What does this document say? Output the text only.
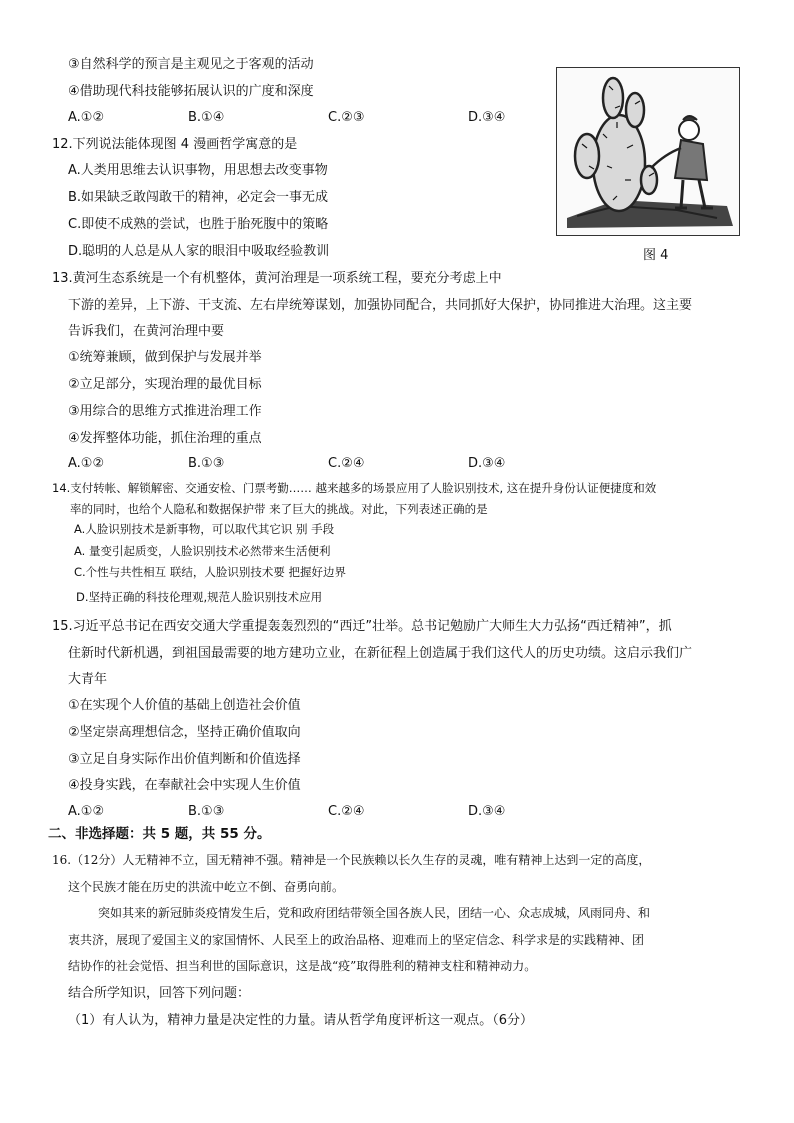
③自然科学的预言是主观见之于客观的活动
④借助现代科技能够拓展认识的广度和深度
A.①②	B.①④	C.②③	D.③④
12.下列说法能体现图 4 漫画哲学寓意的是
A.人类用思维去认识事物，用思想去改变事物
B.如果缺乏敢闯敢干的精神，必定会一事无成
C.即使不成熟的尝试，也胜于胎死腹中的策略
D.聪明的人总是从人家的眼泪中吸取经验教训	图 4
13.黄河生态系统是一个有机整体，黄河治理是一项系统工程，要充分考虑上中
下游的差异，上下游、干支流、左右岸统筹谋划，加强协同配合，共同抓好大保护，协同推进大治理。这主要
告诉我们，在黄河治理中要
①统筹兼顾，做到保护与发展并举
②立足部分，实现治理的最优目标
③用综合的思维方式推进治理工作
④发挥整体功能，抓住治理的重点
A.①②	B.①③	C.②④	D.③④
14.支付转帐、解锁解密、交通安检、门票考勤…… 越来越多的场景应用了人脸识别技术, 这在提升身份认证便捷度和效
率的同时，也给个人隐私和数据保护带 来了巨大的挑战。对此，下列表述正确的是
A.人脸识别技术是新事物，可以取代其它识 别 手段
A. 量变引起质变，人脸识别技术必然带来生活便利
C.个性与共性相互 联结，人脸识别技术要 把握好边界
D.坚持正确的科技伦理观,规范人脸识别技术应用
15.习近平总书记在西安交通大学重提轰轰烈烈的“西迁”壮举。总书记勉励广大师生大力弘扬“西迁精神”，抓
住新时代新机遇，到祖国最需要的地方建功立业，在新征程上创造属于我们这代人的历史功绩。这启示我们广
大青年
①在实现个人价值的基础上创造社会价值
②坚定崇高理想信念，坚持正确价值取向
③立足自身实际作出价值判断和价值选择
④投身实践，在奉献社会中实现人生价值
A.①②	B.①③	C.②④	D.③④
二、非选择题：共 5 题，共 55 分。
16.（12分）人无精神不立，国无精神不强。精神是一个民族赖以长久生存的灵魂，唯有精神上达到一定的高度，
这个民族才能在历史的洪流中屹立不倒、奋勇向前。
突如其来的新冠肺炎疫情发生后，党和政府团结带领全国各族人民，团结一心、众志成城，风雨同舟、和
衷共济，展现了爱国主义的家国情怀、人民至上的政治品格、迎难而上的坚定信念、科学求是的实践精神、团
结协作的社会觉悟、担当利世的国际意识，这是战“疫”取得胜利的精神支柱和精神动力。
结合所学知识，回答下列问题：
（1）有人认为，精神力量是决定性的力量。请从哲学角度评析这一观点。（6分）
